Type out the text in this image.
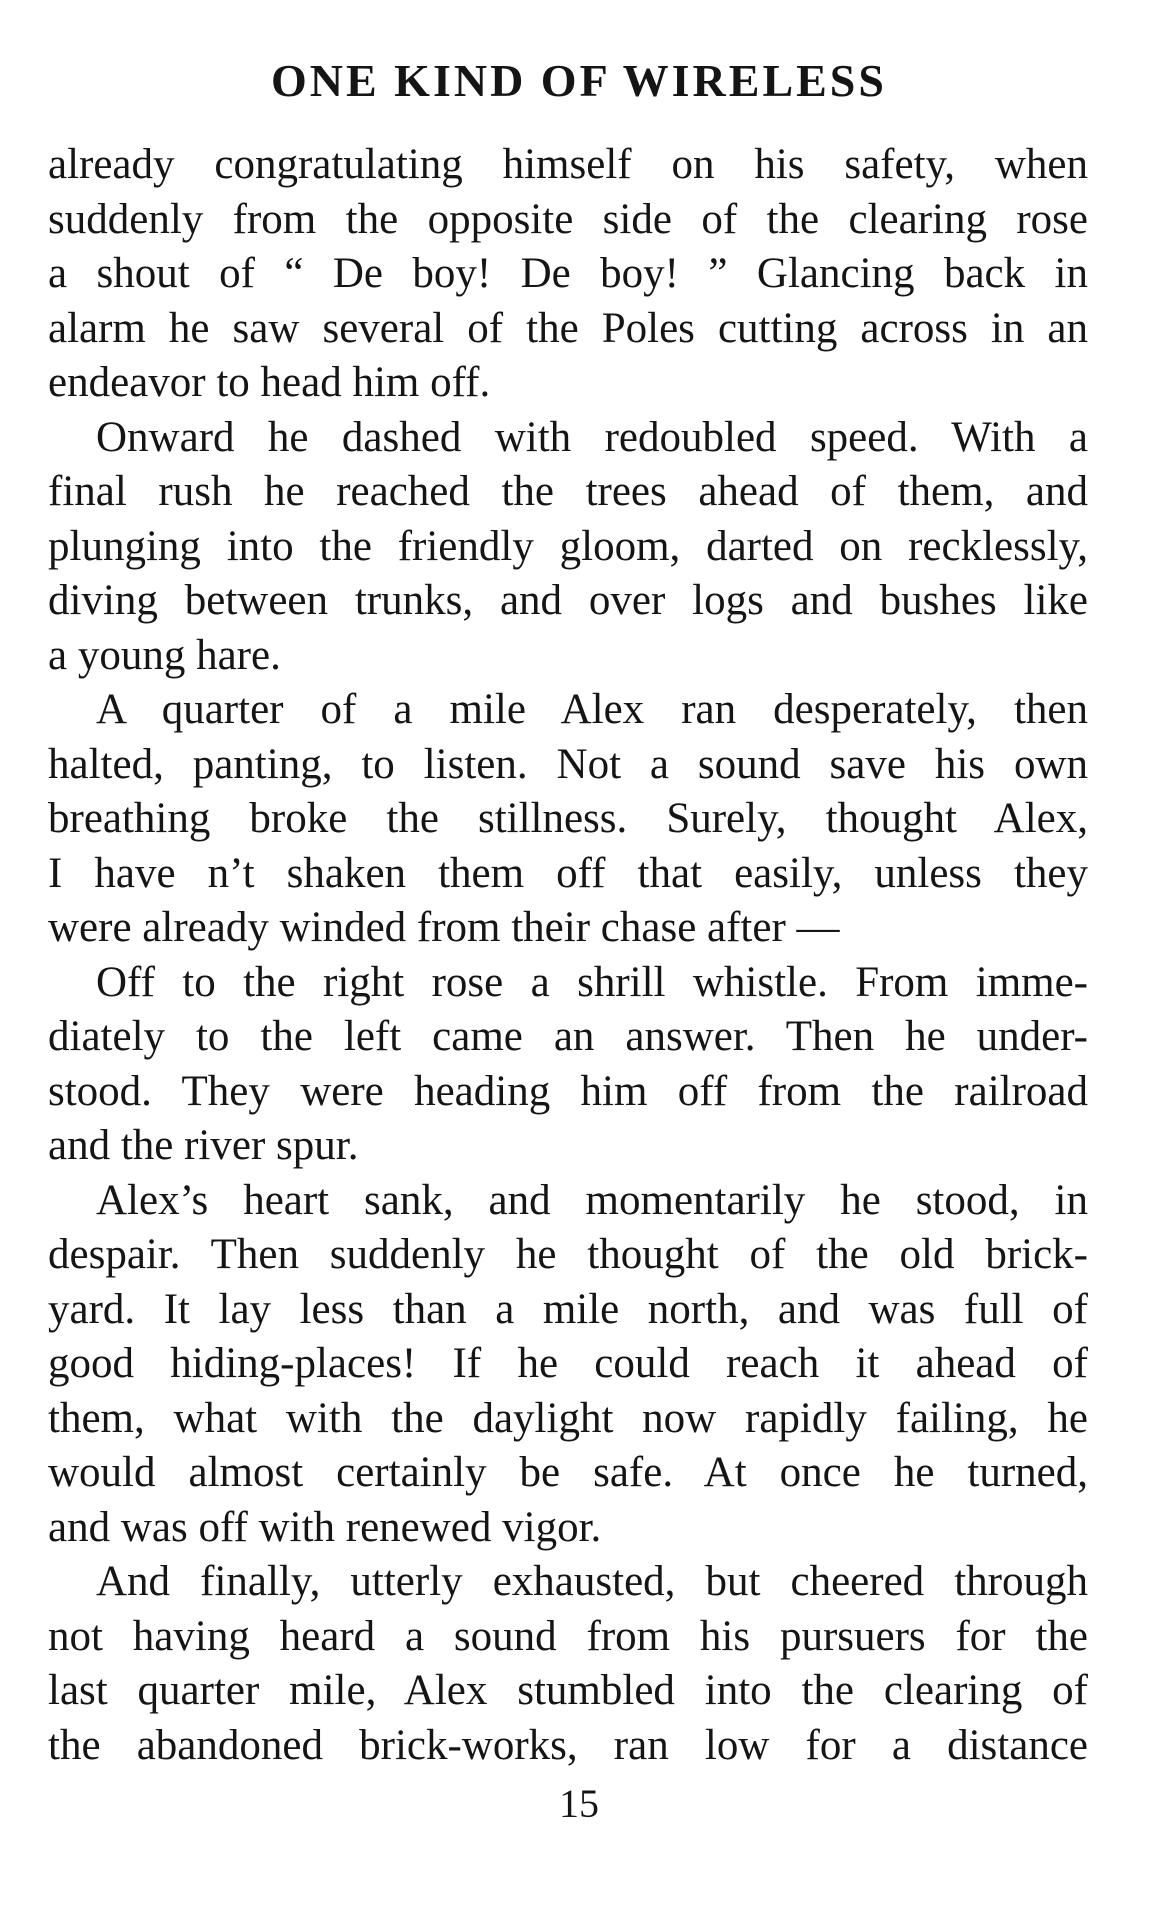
ONE KIND OF WIRELESS
already congratulating himself on his safety, when
suddenly from the opposite side of the clearing rose
a shout of “ De boy! De boy! ” Glancing back in
alarm he saw several of the Poles cutting across in an
endeavor to head him off.
Onward he dashed with redoubled speed. With a
final rush he reached the trees ahead of them, and
plunging into the friendly gloom, darted on recklessly,
diving between trunks, and over logs and bushes like
a young hare.
A quarter of a mile Alex ran desperately, then
halted, panting, to listen. Not a sound save his own
breathing broke the stillness. Surely, thought Alex,
I have n’t shaken them off that easily, unless they
were already winded from their chase after —
Off to the right rose a shrill whistle. From imme-
diately to the left came an answer. Then he under-
stood. They were heading him off from the railroad
and the river spur.
Alex’s heart sank, and momentarily he stood, in
despair. Then suddenly he thought of the old brick-
yard. It lay less than a mile north, and was full of
good hiding-places! If he could reach it ahead of
them, what with the daylight now rapidly failing, he
would almost certainly be safe. At once he turned,
and was off with renewed vigor.
And finally, utterly exhausted, but cheered through
not having heard a sound from his pursuers for the
last quarter mile, Alex stumbled into the clearing of
the abandoned brick-works, ran low for a distance
15
